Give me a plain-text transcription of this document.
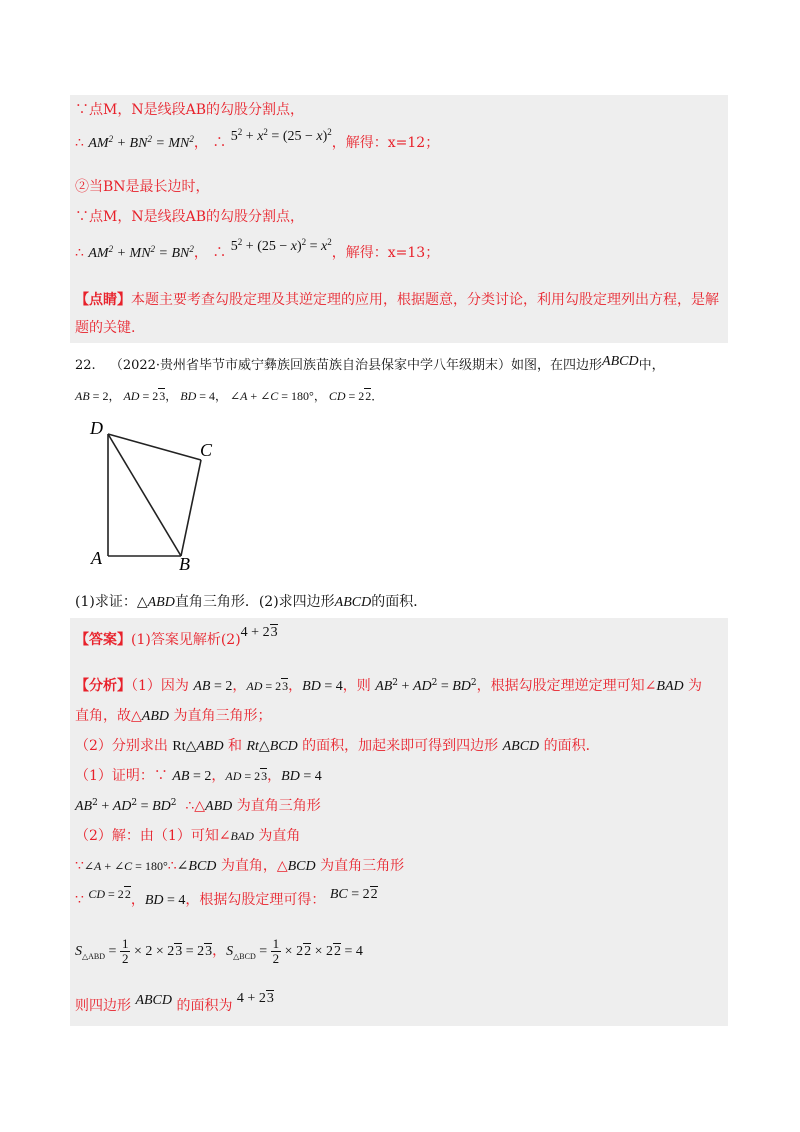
∵点M，N是线段AB的勾股分割点，
∴ $AM^2 + BN^2 = MN^2$， ∴ $5^2 + x^2 = (25 - x)^2$，解得：x=12；
②当BN是最长边时，
∵点M，N是线段AB的勾股分割点，
∴ $AM^2 + MN^2 = BN^2$， ∴ $5^2 + (25 - x)^2 = x^2$，解得：x=13；
【点睛】本题主要考查勾股定理及其逆定理的应用，根据题意，分类讨论，利用勾股定理列出方程，是解
题的关键.
22. （2022·贵州省毕节市威宁彝族回族苗族自治县保家中学八年级期末）如图，在四边形ABCD中，
AB = 2， AD = 23， BD = 4， ∠A + ∠C = 180°， CD = 22．
D
C
A	B
(1)求证：△ABD直角三角形．(2)求四边形ABCD的面积．
【答案】(1)答案见解析(2)4 + 23
【分析】（1）因为 AB = 2，AD = 23，BD = 4，则 $AB^2 + AD^2 = BD^2$，根据勾股定理逆定理可知∠BAD 为
直角，故△ABD 为直角三角形；
（2）分别求出 Rt△ABD 和 Rt△BCD 的面积，加起来即可得到四边形 ABCD 的面积．
（1）证明：∵ AB = 2，AD = 23，BD = 4
$AB^2 + AD^2 = BD^2$  ∴△ABD 为直角三角形
（2）解：由（1）可知∠BAD 为直角
∵∠A + ∠C = 180°∴∠BCD 为直角，△BCD 为直角三角形
∵ CD = 22，BD = 4，根据勾股定理可得： BC = 22
$S_{\triangle ABD} = \frac{1}{2} \times 2 \times 23 = 23$，$S_{\triangle BCD} = \frac{1}{2} \times 22 \times 22 = 4$
则四边形 ABCD 的面积为 4 + 23
